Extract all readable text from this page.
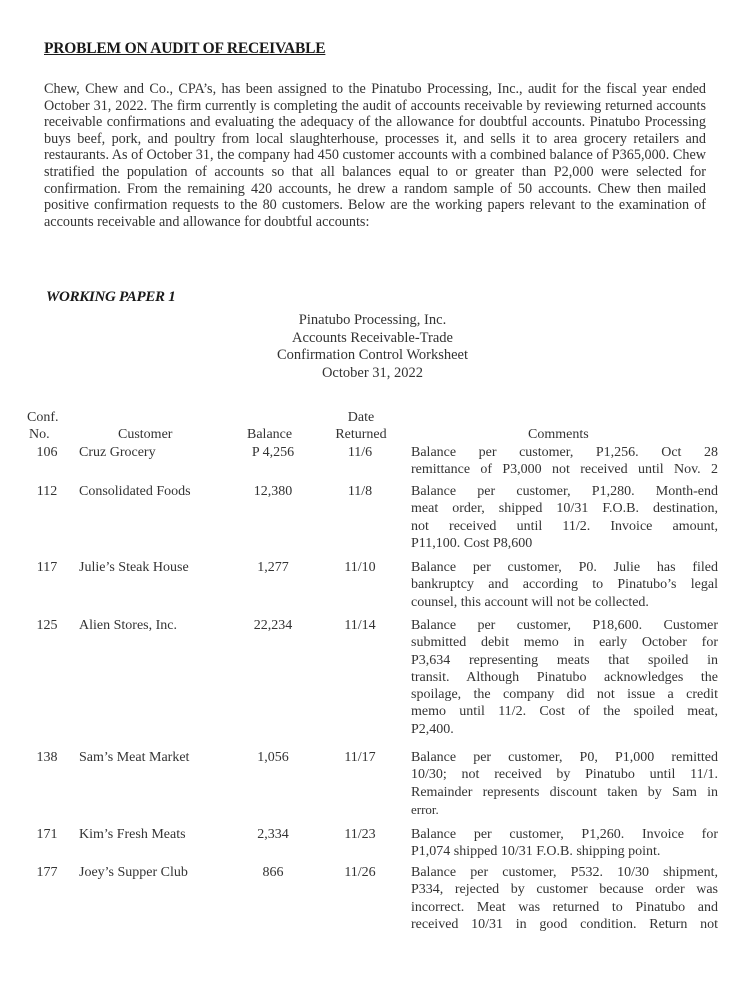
PROBLEM ON AUDIT OF RECEIVABLE
Chew, Chew and Co., CPA’s, has been assigned to the Pinatubo Processing, Inc., audit for the fiscal year ended October 31, 2022. The firm currently is completing the audit of accounts receivable by reviewing returned accounts receivable confirmations and evaluating the adequacy of the allowance for doubtful accounts. Pinatubo Processing buys beef, pork, and poultry from local slaughterhouse, processes it, and sells it to area grocery retailers and restaurants. As of October 31, the company had 450 customer accounts with a combined balance of P365,000. Chew stratified the population of accounts so that all balances equal to or greater than P2,000 were selected for confirmation. From the remaining 420 accounts, he drew a random sample of 50 accounts. Chew then mailed positive confirmation requests to the 80 customers. Below are the working papers relevant to the examination of accounts receivable and allowance for doubtful accounts:
WORKING PAPER 1
Pinatubo Processing, Inc.
Accounts Receivable-Trade
Confirmation Control Worksheet
October 31, 2022
Conf.
No.	Customer	Balance
Date
Returned	Comments
106 Cruz Grocery	P 4,256	11/6	Balance per customer, P1,256. Oct 28
remittance of P3,000 not received until Nov. 2
112 Consolidated Foods	12,380	11/8	Balance per customer, P1,280. Month-end
meat order, shipped 10/31 F.O.B. destination,
not received until 11/2. Invoice amount,
P11,100. Cost P8,600
117 Julie’s Steak House	1,277	11/10	Balance per customer, P0. Julie has filed
bankruptcy and according to Pinatubo’s legal
counsel, this account will not be collected.
125 Alien Stores, Inc.	22,234	11/14	Balance per customer, P18,600. Customer
submitted debit memo in early October for
P3,634 representing meats that spoiled in
transit. Although Pinatubo acknowledges the
spoilage, the company did not issue a credit
memo until 11/2. Cost of the spoiled meat,
P2,400.
138 Sam’s Meat Market	1,056	11/17	Balance per customer, P0, P1,000 remitted
10/30; not received by Pinatubo until 11/1.
Remainder represents discount taken by Sam in
error.
171 Kim’s Fresh Meats	2,334	11/23	Balance per customer, P1,260. Invoice for
P1,074 shipped 10/31 F.O.B. shipping point.
177 Joey’s Supper Club	866	11/26	Balance per customer, P532. 10/30 shipment,
P334, rejected by customer because order was
incorrect. Meat was returned to Pinatubo and
received 10/31 in good condition. Return not
